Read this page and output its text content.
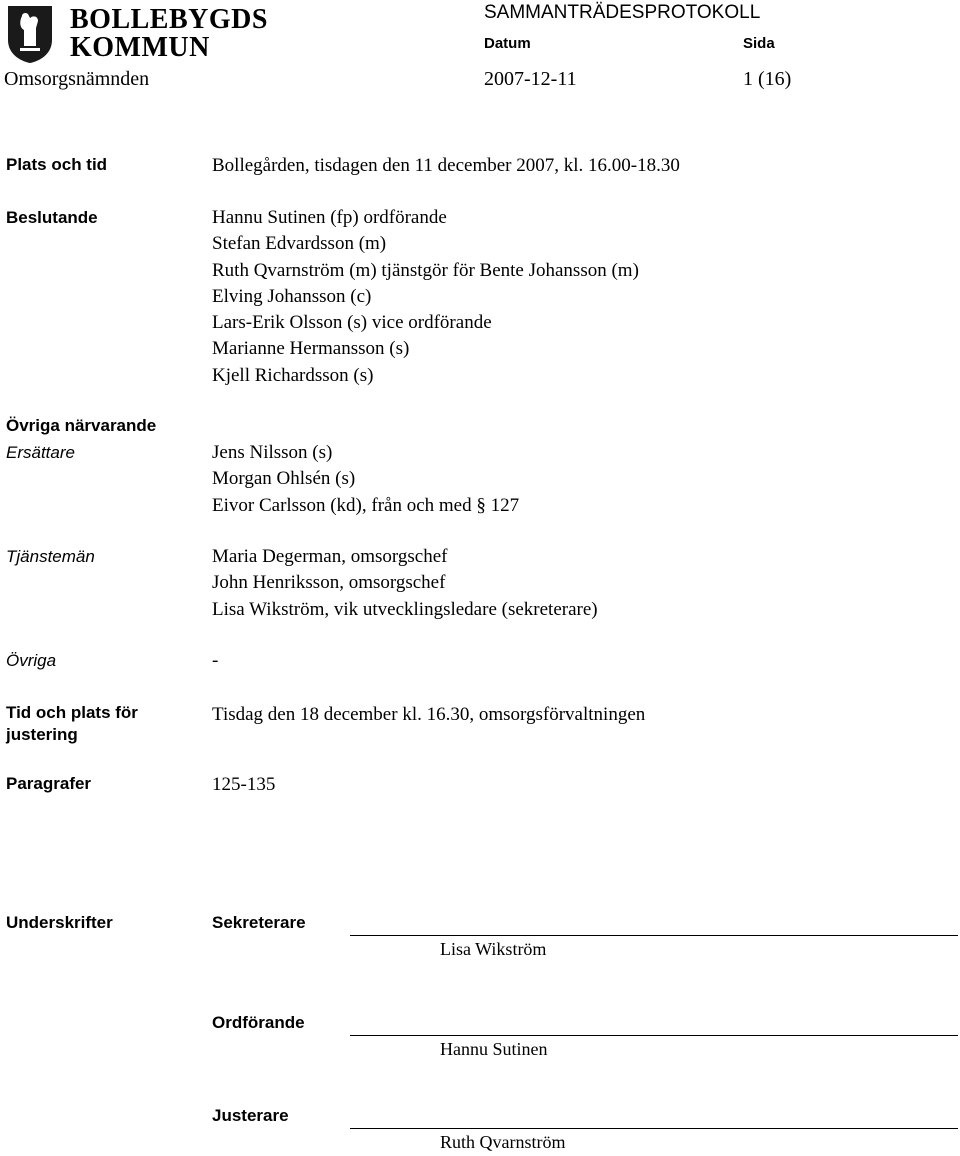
BOLLEBYGDS
KOMMUN
SAMMANTRÄDESPROTOKOLL
Datum	Sida
Omsorgsnämnden	2007-12-11	1 (16)
Plats och tid	Bollegården, tisdagen den 11 december 2007, kl. 16.00-18.30
Beslutande	Hannu Sutinen (fp) ordförande
Stefan Edvardsson (m)
Ruth Qvarnström (m) tjänstgör för Bente Johansson (m)
Elving Johansson (c)
Lars-Erik Olsson (s) vice ordförande
Marianne Hermansson (s)
Kjell Richardsson (s)
Övriga närvarande
Ersättare	Jens Nilsson (s)
Morgan Ohlsén (s)
Eivor Carlsson (kd), från och med § 127
Tjänstemän	Maria Degerman, omsorgschef
John Henriksson, omsorgschef
Lisa Wikström, vik utvecklingsledare (sekreterare)
Övriga	-
Tid och plats för
justering
Tisdag den 18 december kl. 16.30, omsorgsförvaltningen
Paragrafer	125-135
Underskrifter	Sekreterare
Lisa Wikström
Ordförande
Hannu Sutinen
Justerare
Ruth Qvarnström
